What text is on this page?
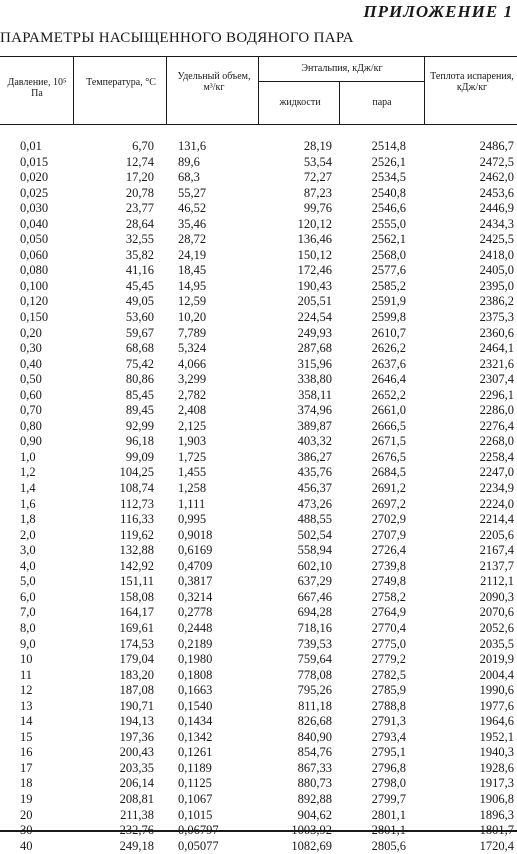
ПРИЛОЖЕНИЕ 1
ПАРАМЕТРЫ НАСЫЩЕННОГО ВОДЯНОГО ПАРА
Давление, 10⁵ Па
Температура, °С
Удельный объем, м³/кг
Энтальпия, кДж/кг
жидкости	пара
Теплота испарения, кДж/кг
0,01
0,015
0,020
0,025
0,030
0,040
0,050
0,060
0,080
0,100
0,120
0,150
0,20
0,30
0,40
0,50
0,60
0,70
0,80
0,90
1,0
1,2
1,4
1,6
1,8
2,0
3,0
4,0
5,0
6,0
7,0
8,0
9,0
10
11
12
13
14
15
16
17
18
19
20
30
40
6,70
12,74
17,20
20,78
23,77
28,64
32,55
35,82
41,16
45,45
49,05
53,60
59,67
68,68
75,42
80,86
85,45
89,45
92,99
96,18
99,09
104,25
108,74
112,73
116,33
119,62
132,88
142,92
151,11
158,08
164,17
169,61
174,53
179,04
183,20
187,08
190,71
194,13
197,36
200,43
203,35
206,14
208,81
211,38
232,76
249,18
131,6
89,6
68,3
55,27
46,52
35,46
28,72
24,19
18,45
14,95
12,59
10,20
7,789
5,324
4,066
3,299
2,782
2,408
2,125
1,903
1,725
1,455
1,258
1,111
0,995
0,9018
0,6169
0,4709
0,3817
0,3214
0,2778
0,2448
0,2189
0,1980
0,1808
0,1663
0,1540
0,1434
0,1342
0,1261
0,1189
0,1125
0,1067
0,1015
0,06797
0,05077
28,19
53,54
72,27
87,23
99,76
120,12
136,46
150,12
172,46
190,43
205,51
224,54
249,93
287,68
315,96
338,80
358,11
374,96
389,87
403,32
386,27
435,76
456,37
473,26
488,55
502,54
558,94
602,10
637,29
667,46
694,28
718,16
739,53
759,64
778,08
795,26
811,18
826,68
840,90
854,76
867,33
880,73
892,88
904,62
1003,92
1082,69
2514,8
2526,1
2534,5
2540,8
2546,6
2555,0
2562,1
2568,0
2577,6
2585,2
2591,9
2599,8
2610,7
2626,2
2637,6
2646,4
2652,2
2661,0
2666,5
2671,5
2676,5
2684,5
2691,2
2697,2
2702,9
2707,9
2726,4
2739,8
2749,8
2758,2
2764,9
2770,4
2775,0
2779,2
2782,5
2785,9
2788,8
2791,3
2793,4
2795,1
2796,8
2798,0
2799,7
2801,1
2801,1
2805,6
2486,7
2472,5
2462,0
2453,6
2446,9
2434,3
2425,5
2418,0
2405,0
2395,0
2386,2
2375,3
2360,6
2464,1
2321,6
2307,4
2296,1
2286,0
2276,4
2268,0
2258,4
2247,0
2234,9
2224,0
2214,4
2205,6
2167,4
2137,7
2112,1
2090,3
2070,6
2052,6
2035,5
2019,9
2004,4
1990,6
1977,6
1964,6
1952,1
1940,3
1928,6
1917,3
1906,8
1896,3
1801,7
1720,4
